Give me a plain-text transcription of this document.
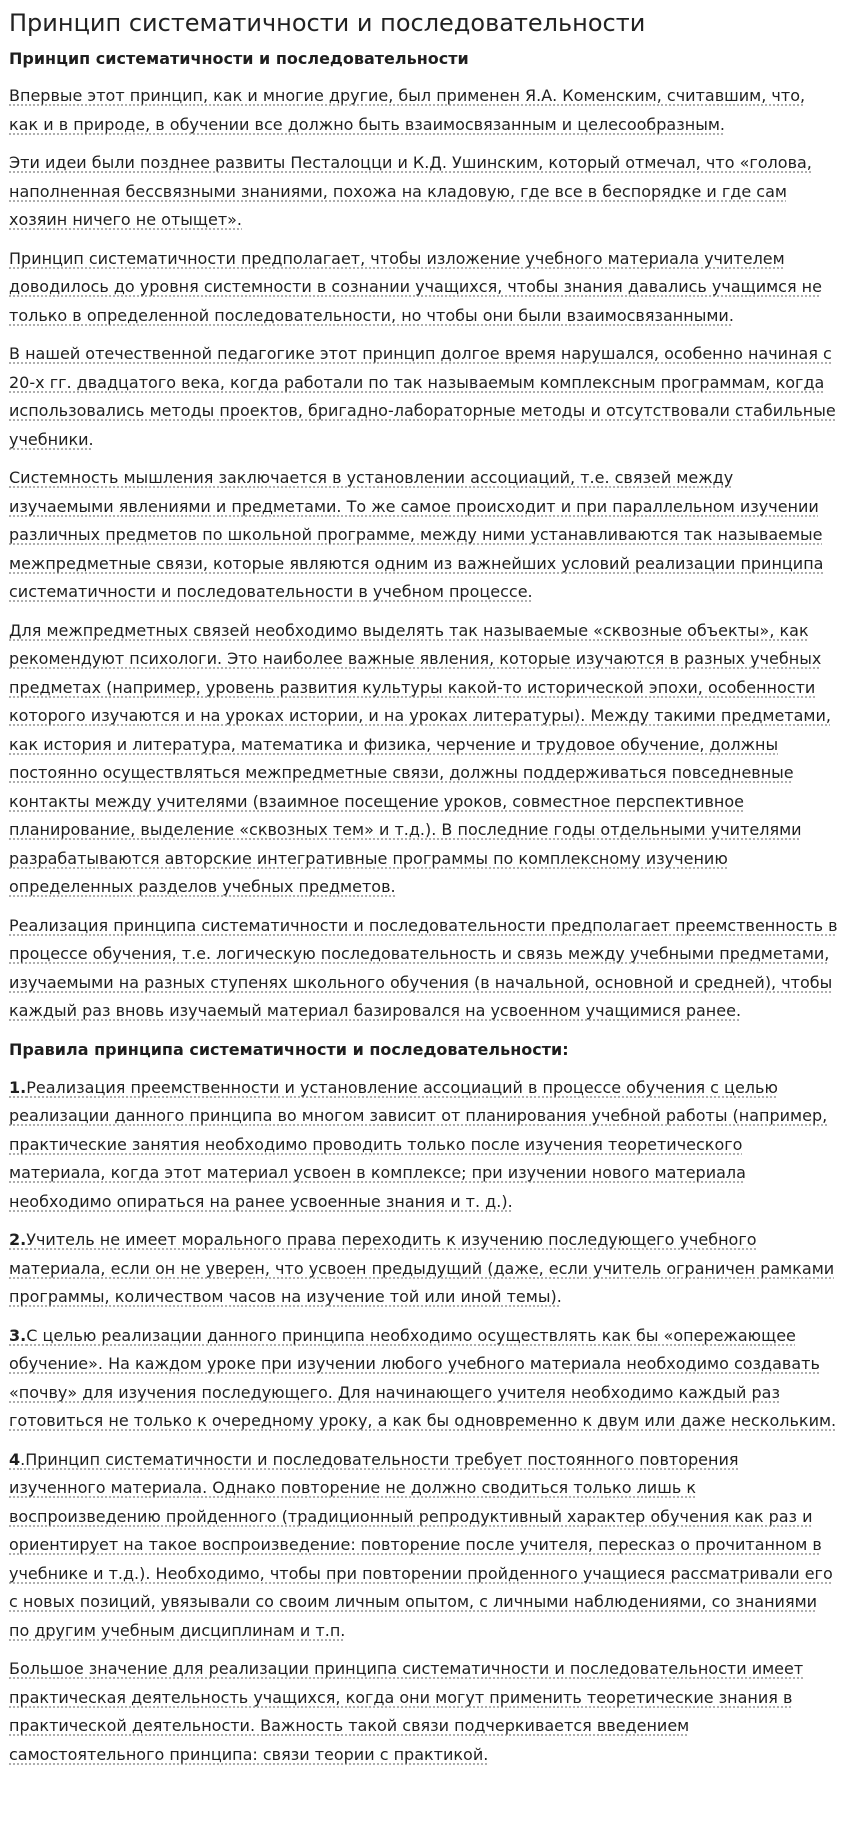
Принцип систематичности и последовательности
Принцип систематичности и последовательности

Впервые этот принцип, как и многие другие, был применен Я.А. Коменским, считавшим, что, как и в природе, в обучении все должно быть взаимосвязанным и целесообразным.

Эти идеи были позднее развиты Песталоцци и К.Д. Ушинским, который отмечал, что «голова, наполненная бессвязными знаниями, похожа на кладовую, где все в беспорядке и где сам хозяин ничего не отыщет».

Принцип систематичности предполагает, чтобы изложение учебного материала учителем доводилось до уровня системности в сознании учащихся, чтобы знания давались учащимся не только в определенной последовательности, но чтобы они были взаимосвязанными.

В нашей отечественной педагогике этот принцип долгое время нарушался, особенно начиная с 20-х гг. двадцатого века, когда работали по так называемым комплексным программам, когда использовались методы проектов, бригадно-лабораторные методы и отсутствовали стабильные учебники.

Системность мышления заключается в установлении ассоциаций, т.е. связей между изучаемыми явлениями и предметами. То же самое происходит и при параллельном изучении различных предметов по школьной программе, между ними устанавливаются так называемые межпредметные связи, которые являются одним из важнейших условий реализации принципа систематичности и последовательности в учебном процессе.

Для межпредметных связей необходимо выделять так называемые «сквозные объекты», как рекомендуют психологи. Это наиболее важные явления, которые изучаются в разных учебных предметах (например, уровень развития культуры какой-то исторической эпохи, особенности которого изучаются и на уроках истории, и на уроках литературы). Между такими предметами, как история и литература, математика и физика, черчение и трудовое обучение, должны постоянно осуществляться межпредметные связи, должны поддерживаться повседневные контакты между учителями (взаимное посещение уроков, совместное перспективное планирование, выделение «сквозных тем» и т.д.). В последние годы отдельными учителями разрабатываются авторские интегративные программы по комплексному изучению определенных разделов учебных предметов.

Реализация принципа систематичности и последовательности предполагает преемственность в процессе обучения, т.е. логическую последовательность и связь между учебными предметами, изучаемыми на разных ступенях школьного обучения (в начальной, основной и средней), чтобы каждый раз вновь изучаемый материал базировался на усвоенном учащимися ранее.

Правила принципа систематичности и последовательности:

1.Реализация преемственности и установление ассоциаций в процессе обучения с целью реализации данного принципа во многом зависит от планирования учебной работы (например, практические занятия необходимо проводить только после изучения теоретического материала, когда этот материал усвоен в комплексе; при изучении нового материала необходимо опираться на ранее усвоенные знания и т. д.).

2.Учитель не имеет морального права переходить к изучению последующего учебного материала, если он не уверен, что усвоен предыдущий (даже, если учитель ограничен рамками программы, количеством часов на изучение той или иной темы).

3.С целью реализации данного принципа необходимо осуществлять как бы «опережающее обучение». На каждом уроке при изучении любого учебного материала необходимо создавать «почву» для изучения последующего. Для начинающего учителя необходимо каждый раз готовиться не только к очередному уроку, а как бы одновременно к двум или даже нескольким.

4.Принцип систематичности и последовательности требует постоянного повторения изученного материала. Однако повторение не должно сводиться только лишь к воспроизведению пройденного (традиционный репродуктивный характер обучения как раз и ориентирует на такое воспроизведение: повторение после учителя, пересказ о прочитанном в учебнике и т.д.). Необходимо, чтобы при повторении пройденного учащиеся рассматривали его с новых позиций, увязывали со своим личным опытом, с личными наблюдениями, со знаниями по другим учебным дисциплинам и т.п.

Большое значение для реализации принципа систематичности и последовательности имеет практическая деятельность учащихся, когда они могут применить теоретические знания в практической деятельности. Важность такой связи подчеркивается введением самостоятельного принципа: связи теории с практикой.
